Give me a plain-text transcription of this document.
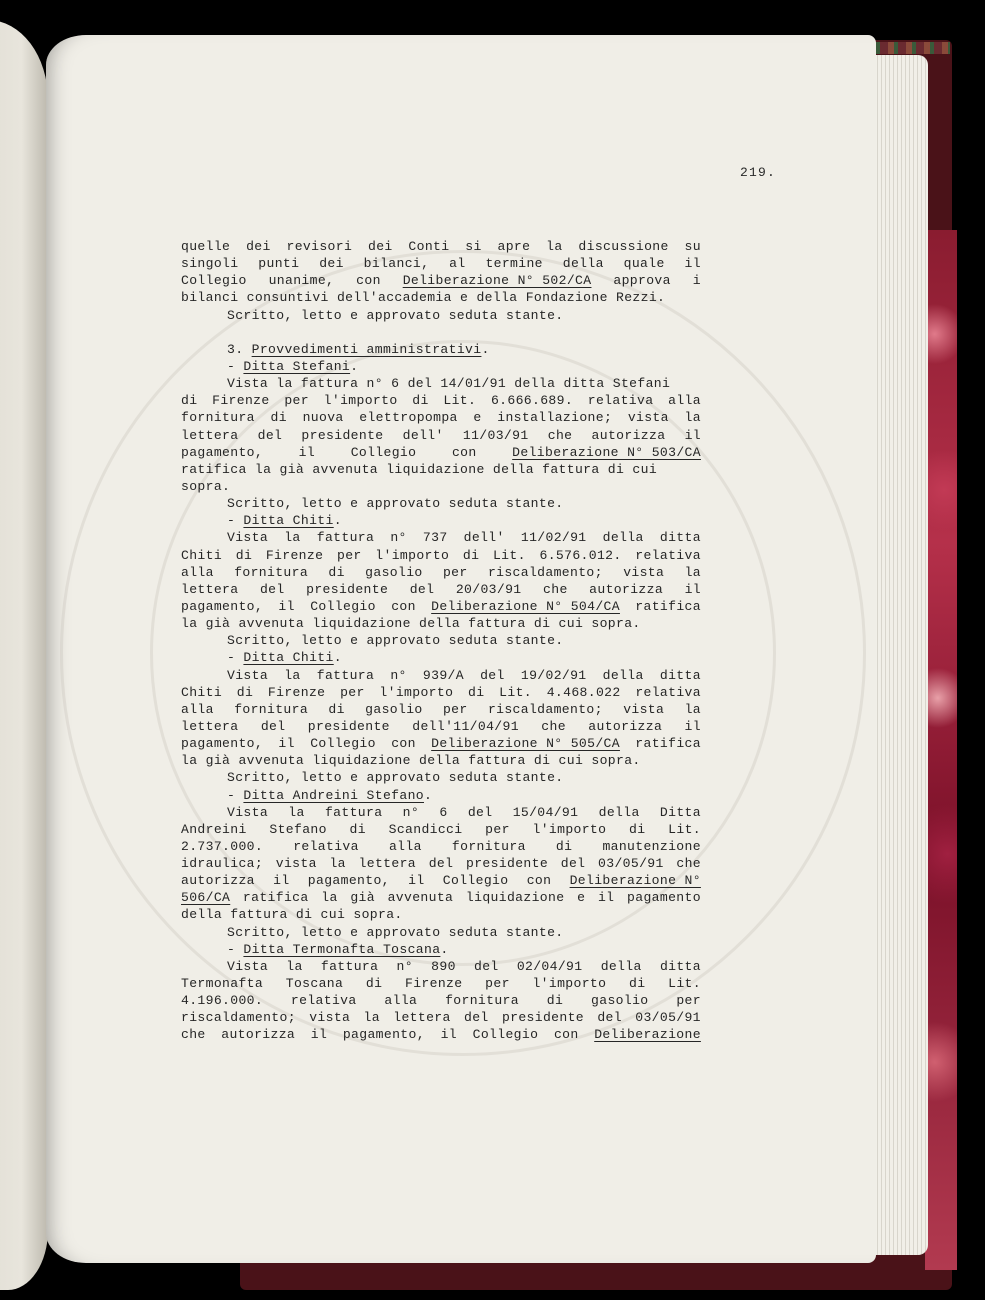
219.
quelle dei revisori dei Conti si apre la discussione su
singoli punti dei bilanci, al termine della quale il
Collegio unanime, con Deliberazione N° 502/CA approva i
bilanci consuntivi dell'accademia e della Fondazione Rezzi.
Scritto, letto e approvato seduta stante.
3. Provvedimenti amministrativi .
- Ditta Stefani .
Vista la fattura n° 6 del 14/01/91 della ditta Stefani
di Firenze per l'importo di Lit. 6.666.689. relativa alla
fornitura di nuova elettropompa e installazione; vista la
lettera del presidente dell' 11/03/91 che autorizza il
pagamento,	il	Collegio	con	Deliberazione N° 503/CA
ratifica la già avvenuta liquidazione della fattura di cui
sopra.
Scritto, letto e approvato seduta stante.
- Ditta Chiti .
Vista la fattura n° 737 dell' 11/02/91 della ditta
Chiti di Firenze per l'importo di Lit. 6.576.012. relativa
alla fornitura di gasolio per riscaldamento; vista la
lettera del presidente del 20/03/91 che autorizza il
pagamento, il Collegio con Deliberazione N° 504/CA ratifica
la già avvenuta liquidazione della fattura di cui sopra.
Scritto, letto e approvato seduta stante.
- Ditta Chiti .
Vista la fattura n° 939/A del 19/02/91 della ditta
Chiti di Firenze per l'importo di Lit. 4.468.022 relativa
alla fornitura di gasolio per riscaldamento; vista la
lettera del presidente dell'11/04/91 che autorizza il
pagamento, il Collegio con Deliberazione N° 505/CA ratifica
la già avvenuta liquidazione della fattura di cui sopra.
Scritto, letto e approvato seduta stante.
- Ditta Andreini Stefano .
Vista la fattura n° 6 del 15/04/91 della Ditta
Andreini Stefano di Scandicci per l'importo di Lit.
2.737.000. relativa alla fornitura di manutenzione
idraulica; vista la lettera del presidente del 03/05/91 che
autorizza il pagamento, il Collegio con Deliberazione N°
506/CA ratifica la già avvenuta liquidazione e il pagamento
della fattura di cui sopra.
Scritto, letto e approvato seduta stante.
- Ditta Termonafta Toscana .
Vista la fattura n° 890 del 02/04/91 della ditta
Termonafta Toscana di Firenze per l'importo di Lit.
4.196.000. relativa alla fornitura di gasolio per
riscaldamento; vista la lettera del presidente del 03/05/91
che autorizza il pagamento, il Collegio con Deliberazione
